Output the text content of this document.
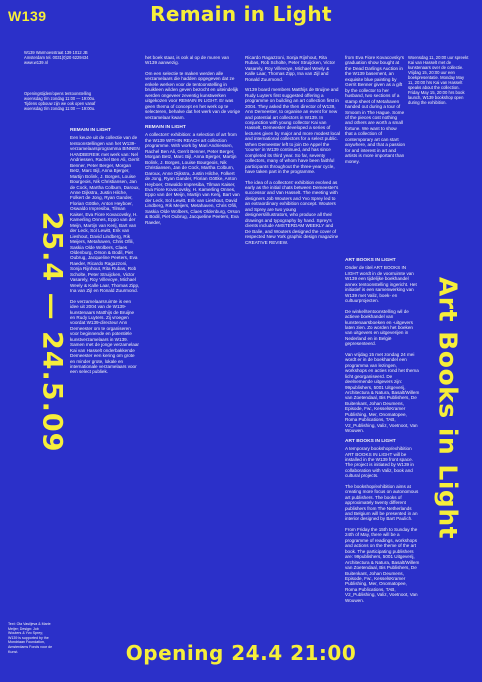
W139	Remain in Light
W139 Warmoesstraat 139 1012 JB Amsterdam tel. 0031(0)20 6229434 www.w139.nl
Openingstijden/opens tentoonstelling woensdag t/m zondag 11:00 — 19:00u. Tijdens opbouw zijn we ook open vanaf woensdag t/m zondag 11:00 — 19:00u.
25.4 — 24.5.09
REMAIN IN LIGHT

Een keuze uit de collectie van de tentoonstellingen van het W139-verzamelaarsprogramma BINNEN HANDBEREIK met werk van: Nel Andriessen, Rachel Ben Ali, Gerrit Benner, Peter Berger, Morgan Betz, Marc Bijl, Anna Bjerger, Martijn Bolink, J. Borges, Louise Bourgeois, Nik Christiansen, Jan de Cock, Martha Colburn, Daroux, Anne Dijkstra, Justin Hilche, Folkert de Jong, Ryan Gander, Florian Göttke, Anton Heyboer, Oswaldo Impresiba, Tilman Kaiser, Eva Fiore Kovacovsky, H. Kamerling Onnes, Eppo van der Meijn, Martijn van Kerij, Bart van der Leck, Sol Lewitt, Erik van Lieshout, David Lindberg, Rik Meijers, Metahaven, Chris Ofili, Saskia Olde Wolbers, Claes Oldenburg, Orson & Bodil, Piet Oubrug, Jacqueline Peeters, Eva Raeder, Ricardo Ragazzoni, Sonja Rijnhout, Rita Rubas, Rob Scholte, Peter Struijcken, Victor Vasarely, Roy Villevoye, Michael Weely & Kalle Laar, Thomas Zipp, Ina van Zijl en Ronald Zuurmond.

De verzamelaarsruimte is een idee uit 2004 van de W139-kunstenaars Matthijs de Bruijne en Rudy Luyters. Zij vroegen voordat W139-directeur Ann Demeester om te organiseren voor beginnende en potentiële kunstverzamelaars in W139. Samen met de jonge verzamelaar Kai van Hasselt onderbakkende Demeester een kering om grote en minder grote, lokale en internationale verzamelaars voor een select publiek.

het boek staat, is ook al op de muren van W139 aanwezig.

Om een selectie te maken werden alle verzamelaars die hadden opgegeven dat ze enkele werken voor de tentoonstelling in bruikleen wilden geven bezocht en uiteindelijk werden ongeveer zeventig kunstwerken uitgekozen voor REMAIN IN LIGHT. Er was geen thema of concept en het werk op te selecteren, behalve dat het werk van de vorige verzamelaar kwam.

REMAIN IN LIGHT

A collectors' exhibition: a selection of art from the W139 WITHIN REACH art collection programme. With work by Mari Andriessen, Rachel Ben Ali, Gerrit Benner, Peter Berger, Morgan Betz, Marc Bijl, Anna Bjerger, Martijn Bolink, J. Borges, Louise Bourgeois, Nik Christiansen, Jan de Cock, Martha Colburn, Daroux, Anne Dijkstra, Justin Hilche, Folkert de Jong, Ryan Gander, Florian Göttke, Anton Heyboer, Oswaldo Impresiba, Tilman Kaiser, Eva Fiore Kovacovsky, H. Kamerling Onnes, Eppo van der Meijn, Martijn van Kerij, Bart van der Leck, Sol Lewitt, Erik van Lieshout, David Lindberg, Rik Meijers, Metahaven, Chris Ofili, Saskia Olde Wolbers, Claes Oldenburg, Orson & Bodil, Piet Oubrug, Jacqueline Peeters, Eva Raeder,

Ricardo Ragazzoni, Sonja Rijnhout, Rita Rubas, Rob Scholte, Peter Struijcken, Victor Vasarely, Roy Villevoye, Michael Weely & Kalle Laar, Thomas Zipp, Ina van Zijl and Ronald Zuurmond.

W139 board members Matthijs de Bruijne and Rudy Luyters first suggested offering a programme on building an art collection first in 2004. They asked the then director of W139, Ann Demeester, to organise an event for new and potential art collectors in W139. In conjunction with young collector Kai van Hasselt, Demeester developed a series of lectures given by major and more modest local and international collectors for a select public. When Demeester left to join De Appel the 'course' in W139 continued, and has since completed its third year. So far, seventy collectors, many of whom have been faithful participants throughout the three-year cycle, have taken part in the programme.

The idea of a collectors' exhibition evolved as early as the initial chats between Demeester's successor and Van Hasselt. The meeting with designers Job Wouters and Yvo Sprey led to an extraordinary exhibition concept. Wouters and Sprey are two young designers/illustrators, who produce all their drawings and typography by hand. Sprey's clients include AMSTERDAM WEEKLY and De Balie, and Wouters designed the cover of respected New York graphic design magazine CREATIVE REVIEW.

from Eva Fiore Kovacovsky's graduation show bought at the Dead Darlings Auction in the W139 basement, an exquisite blue painting by Gerrit Benner given as a gift by the collector to her husband, two sections of a stamp sheet of Metahaven handed out during a tour of Smoom in The Hague. Some of the pieces cost nothing and others are worth a small fortune. We want to show that a collection of contemporary art can start anywhere, and that a passion for and interest in art and artists is more important than money.

Woensdag 11, 20:00 uur spreekt Kai van Hasselt met de kunstenaars over de collectie. Vrijdag 15, 20:00 uur een boekpresentatie. Monday May 11, 20:00 hrs Kai van Hasselt speaks about the collection. Friday May 15, 20:00 hrs book launch, W139 bookshop open during the exhibition.
ART BOOKS IN LIGHT

Onder de titel ART BOOKS IN LIGHT wordt in de voorruimte van W139 een tijdelijke boekhandel annex tentoonstelling ingericht. Het initiatief is een samenwerking van W139 met Valiz, boek- en cultuurprojecten.

De winkel/tentoonstelling wil de actieve boekhandel van kunstenaarsboeken en -uitgevers laten zien. Zo worden het boeken van uitgevers en uitgeverijen in Nederland en in België gepresenteerd.

Van vrijdag 15 met zondag 24 mei wordt er in de boekhandel een programma van lezingen, workshops en acties rond het thema licht georganiseerd. De deelnemende uitgevers zijn: 99publishers, 5001 Uitgeverij, Architectura & Natura, Basalt/Willem van Zoetendaal, Bis Publishers, De Buitenkant, Johan Deumens, Episode, Fw:, KesselsKramer Publishing, Mer, Onomatopee, Roma Publications, TAB, V2_Publishing, Valiz, Voetnoot, Van Wouwen.

ART BOOKS IN LIGHT

A temporary bookshop/exhibition ART BOOKS IN LIGHT will be installed in the W139 front space. The project is initiated by W139 in collaboration with Valiz, book and cultural projects.

The bookshop/exhibition aims at creating more focus on autonomous art publishers. The books of approximately twenty different publishers from The Netherlands and Belgium will be presented in an interior designed by Bart Paulich.

From Friday the 15th to Sunday the 24th of May, there will be a programme of readings, workshops and actions on the theme of the art book. The participating publishers are: 99publishers, 5001 Uitgeverij, Architectura & Natura, Basalt/Willem van Zoetendaal, Bis Publishers, De Buitenkant, Johan Deumens, Episode, Fw:, KesselsKramer Publishing, Mer, Onomatopee, Roma Publications, TAB, V2_Publishing, Valiz, Voetnoot, Van Wouwen.

Art Books in Light
Text: Ola Vasiljeva & Marie Meijer; Design: Job Wouters & Yvo Sprey; W139 is supported by the Mondriaan Foundation, Amsterdams Fonds voor de Kunst.	Opening 24.4 21:00
